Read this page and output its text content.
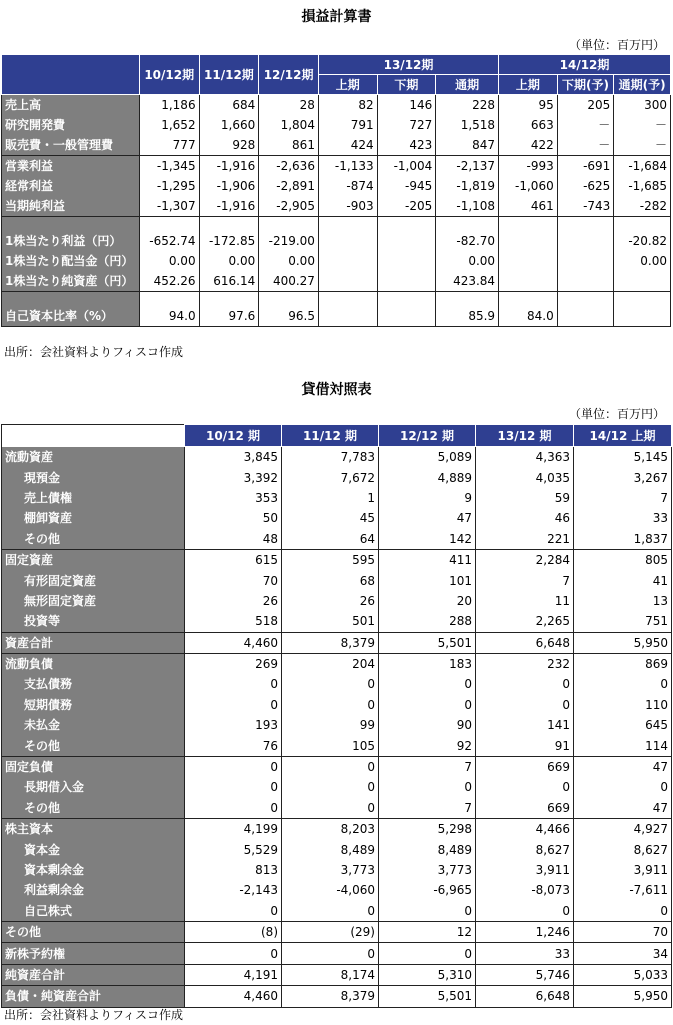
損益計算書
（単位：百万円）
	10/12期	11/12期	12/12期	13/12期			14/12期		
				上期	下期	通期	上期	下期(予)	通期(予)
売上高	1,186	684	28	82	146	228	95	205	300
研究開発費	1,652	1,660	1,804	791	727	1,518	663	－	－
販売費・一般管理費	777	928	861	424	423	847	422	－	－
営業利益	-1,345	-1,916	-2,636	-1,133	-1,004	-2,137	-993	-691	-1,684
経常利益	-1,295	-1,906	-2,891	-874	-945	-1,819	-1,060	-625	-1,685
当期純利益	-1,307	-1,916	-2,905	-903	-205	-1,108	461	-743	-282

1株当たり利益（円）	-652.74	-172.85	-219.00			-82.70			-20.82
1株当たり配当金（円）	0.00	0.00	0.00			0.00			0.00
1株当たり純資産（円）	452.26	616.14	400.27			423.84			

自己資本比率（%）	94.0	97.6	96.5			85.9	84.0		
出所：会社資料よりフィスコ作成
貸借対照表
（単位：百万円）
	10/12 期	11/12 期	12/12 期	13/12 期	14/12 上期
流動資産	3,845	7,783	5,089	4,363	5,145
現預金	3,392	7,672	4,889	4,035	3,267
売上債権	353	1	9	59	7
棚卸資産	50	45	47	46	33
その他	48	64	142	221	1,837
固定資産	615	595	411	2,284	805
有形固定資産	70	68	101	7	41
無形固定資産	26	26	20	11	13
投資等	518	501	288	2,265	751
資産合計	4,460	8,379	5,501	6,648	5,950
流動負債	269	204	183	232	869
支払債務	0	0	0	0	0
短期債務	0	0	0	0	110
未払金	193	99	90	141	645
その他	76	105	92	91	114
固定負債	0	0	7	669	47
長期借入金	0	0	0	0	0
その他	0	0	7	669	47
株主資本	4,199	8,203	5,298	4,466	4,927
資本金	5,529	8,489	8,489	8,627	8,627
資本剰余金	813	3,773	3,773	3,911	3,911
利益剰余金	-2,143	-4,060	-6,965	-8,073	-7,611
自己株式	0	0	0	0	0
その他	(8)	(29)	12	1,246	70
新株予約権	0	0	0	33	34
純資産合計	4,191	8,174	5,310	5,746	5,033
負債・純資産合計	4,460	8,379	5,501	6,648	5,950
出所：会社資料よりフィスコ作成
